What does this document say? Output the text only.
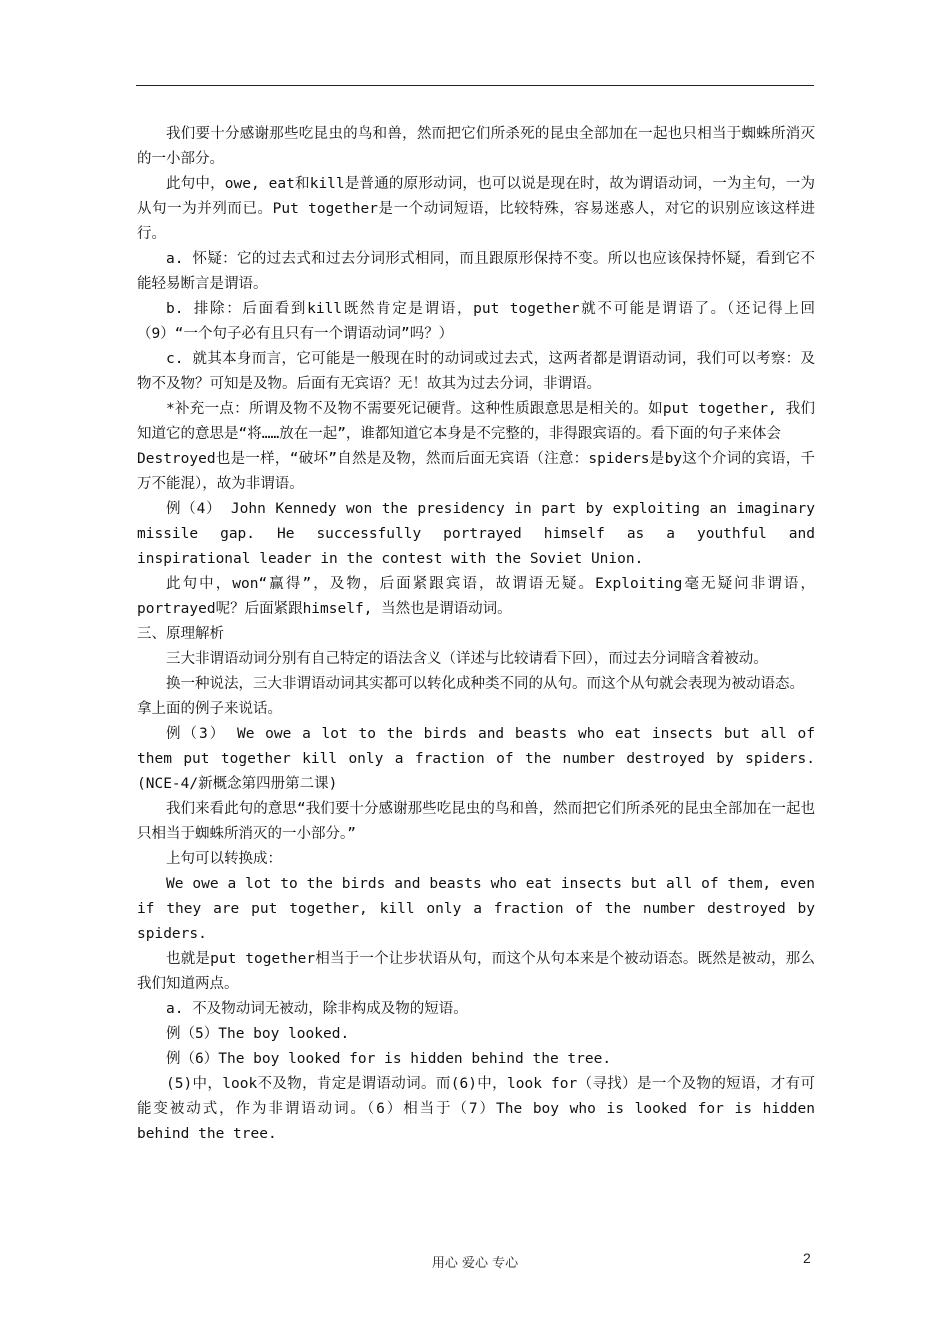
我们要十分感谢那些吃昆虫的鸟和兽，然而把它们所杀死的昆虫全部加在一起也只相当于蜘蛛所消灭的一小部分。

此句中，owe, eat和kill是普通的原形动词，也可以说是现在时，故为谓语动词，一为主句，一为从句一为并列而已。Put together是一个动词短语，比较特殊，容易迷惑人，对它的识别应该这样进行。

a. 怀疑：它的过去式和过去分词形式相同，而且跟原形保持不变。所以也应该保持怀疑，看到它不能轻易断言是谓语。

b. 排除：后面看到kill既然肯定是谓语，put together就不可能是谓语了。（还记得上回（9）“一个句子必有且只有一个谓语动词”吗？）

c. 就其本身而言，它可能是一般现在时的动词或过去式，这两者都是谓语动词，我们可以考察：及物不及物？可知是及物。后面有无宾语？无！故其为过去分词，非谓语。

*补充一点：所谓及物不及物不需要死记硬背。这种性质跟意思是相关的。如put together, 我们知道它的意思是“将……放在一起”，谁都知道它本身是不完整的，非得跟宾语的。看下面的句子来体会

Destroyed也是一样，“破坏”自然是及物，然而后面无宾语（注意：spiders是by这个介词的宾语，千万不能混），故为非谓语。

例（4） John Kennedy won the presidency in part by exploiting an imaginary missile gap. He successfully portrayed himself as a youthful and inspirational leader in the contest with the Soviet Union.

此句中，won“赢得”，及物，后面紧跟宾语，故谓语无疑。Exploiting毫无疑问非谓语，portrayed呢？后面紧跟himself, 当然也是谓语动词。

三、原理解析

三大非谓语动词分别有自己特定的语法含义（详述与比较请看下回），而过去分词暗含着被动。

换一种说法，三大非谓语动词其实都可以转化成种类不同的从句。而这个从句就会表现为被动语态。

拿上面的例子来说话。

例（3） We owe a lot to the birds and beasts who eat insects but all of them put together kill only a fraction of the number destroyed by spiders. (NCE-4/新概念第四册第二课)

我们来看此句的意思“我们要十分感谢那些吃昆虫的鸟和兽，然而把它们所杀死的昆虫全部加在一起也只相当于蜘蛛所消灭的一小部分。”

上句可以转换成：

We owe a lot to the birds and beasts who eat insects but all of them, even if they are put together, kill only a fraction of the number destroyed by spiders.

也就是put together相当于一个让步状语从句，而这个从句本来是个被动语态。既然是被动，那么我们知道两点。

a. 不及物动词无被动，除非构成及物的短语。

例（5）The boy looked.

例（6）The boy looked for is hidden behind the tree.

(5)中，look不及物，肯定是谓语动词。而(6)中，look for（寻找）是一个及物的短语，才有可能变被动式，作为非谓语动词。（6）相当于（7）The boy who is looked for is hidden behind the tree.

用心 爱心 专心	2
